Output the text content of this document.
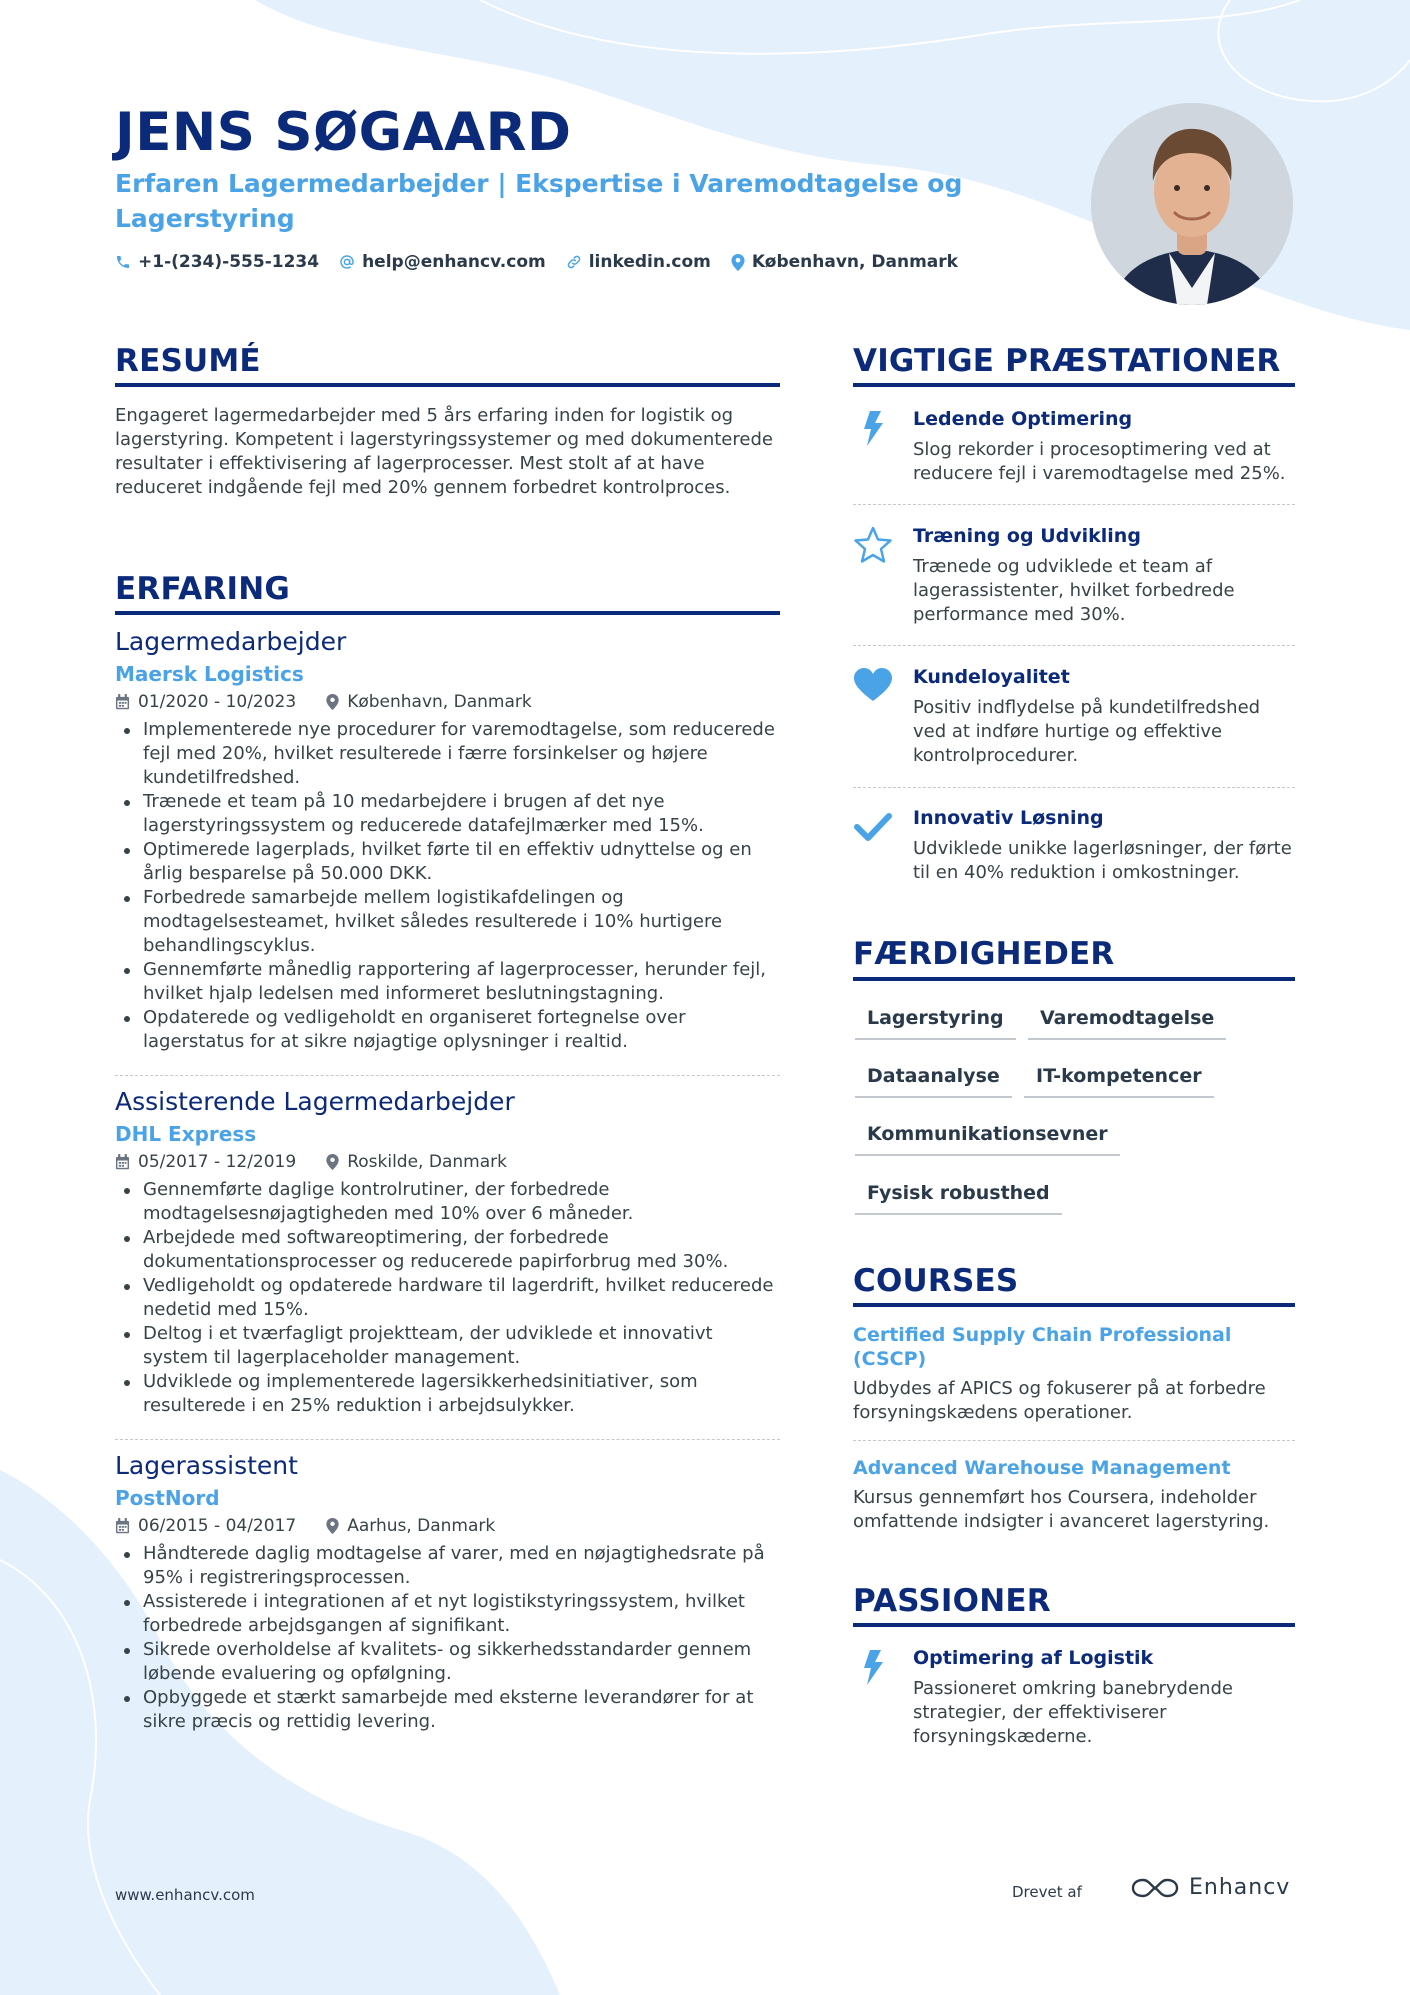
JENS SØGAARD
Erfaren Lagermedarbejder | Ekspertise i Varemodtagelse og Lagerstyring
+1-(234)-555-1234	help@enhancv.com	linkedin.com København, Danmark
RESUMÉ
Engageret lagermedarbejder med 5 års erfaring inden for logistik og lagerstyring. Kompetent i lagerstyringssystemer og med dokumenterede resultater i effektivisering af lagerprocesser. Mest stolt af at have reduceret indgående fejl med 20% gennem forbedret kontrolproces.
ERFARING
Lagermedarbejder
Maersk Logistics
01/2020 - 10/2023	København, Danmark
Implementerede nye procedurer for varemodtagelse, som reducerede fejl med 20%, hvilket resulterede i færre forsinkelser og højere kundetilfredshed.
Trænede et team på 10 medarbejdere i brugen af det nye lagerstyringssystem og reducerede datafejlmærker med 15%.
Optimerede lagerplads, hvilket førte til en effektiv udnyttelse og en årlig besparelse på 50.000 DKK.
Forbedrede samarbejde mellem logistikafdelingen og modtagelsesteamet, hvilket således resulterede i 10% hurtigere behandlingscyklus.
Gennemførte månedlig rapportering af lagerprocesser, herunder fejl, hvilket hjalp ledelsen med informeret beslutningstagning.
Opdaterede og vedligeholdt en organiseret fortegnelse over lagerstatus for at sikre nøjagtige oplysninger i realtid.
Assisterende Lagermedarbejder
DHL Express
05/2017 - 12/2019	Roskilde, Danmark
Gennemførte daglige kontrolrutiner, der forbedrede modtagelsesnøjagtigheden med 10% over 6 måneder.
Arbejdede med softwareoptimering, der forbedrede dokumentationsprocesser og reducerede papirforbrug med 30%.
Vedligeholdt og opdaterede hardware til lagerdrift, hvilket reducerede nedetid med 15%.
Deltog i et tværfagligt projektteam, der udviklede et innovativt system til lagerplaceholder management.
Udviklede og implementerede lagersikkerhedsinitiativer, som resulterede i en 25% reduktion i arbejdsulykker.
Lagerassistent
PostNord
06/2015 - 04/2017	Aarhus, Danmark
Håndterede daglig modtagelse af varer, med en nøjagtighedsrate på 95% i registreringsprocessen.
Assisterede i integrationen af et nyt logistikstyringssystem, hvilket forbedrede arbejdsgangen af signifikant.
Sikrede overholdelse af kvalitets- og sikkerhedsstandarder gennem løbende evaluering og opfølgning.
Opbyggede et stærkt samarbejde med eksterne leverandører for at sikre præcis og rettidig levering.
VIGTIGE PRÆSTATIONER
Ledende Optimering
Slog rekorder i procesoptimering ved at reducere fejl i varemodtagelse med 25%.
Træning og Udvikling
Trænede og udviklede et team af lagerassistenter, hvilket forbedrede performance med 30%.
Kundeloyalitet
Positiv indflydelse på kundetilfredshed ved at indføre hurtige og effektive kontrolprocedurer.
Innovativ Løsning
Udviklede unikke lagerløsninger, der førte til en 40% reduktion i omkostninger.
FÆRDIGHEDER
Lagerstyring	Varemodtagelse
Dataanalyse	IT-kompetencer
Kommunikationsevner
Fysisk robusthed
COURSES
Certified Supply Chain Professional (CSCP)
Udbydes af APICS og fokuserer på at forbedre forsyningskædens operationer.
Advanced Warehouse Management
Kursus gennemført hos Coursera, indeholder omfattende indsigter i avanceret lagerstyring.
PASSIONER
Optimering af Logistik
Passioneret omkring banebrydende strategier, der effektiviserer forsyningskæderne.
www.enhancv.com	Drevet af	Enhancv
